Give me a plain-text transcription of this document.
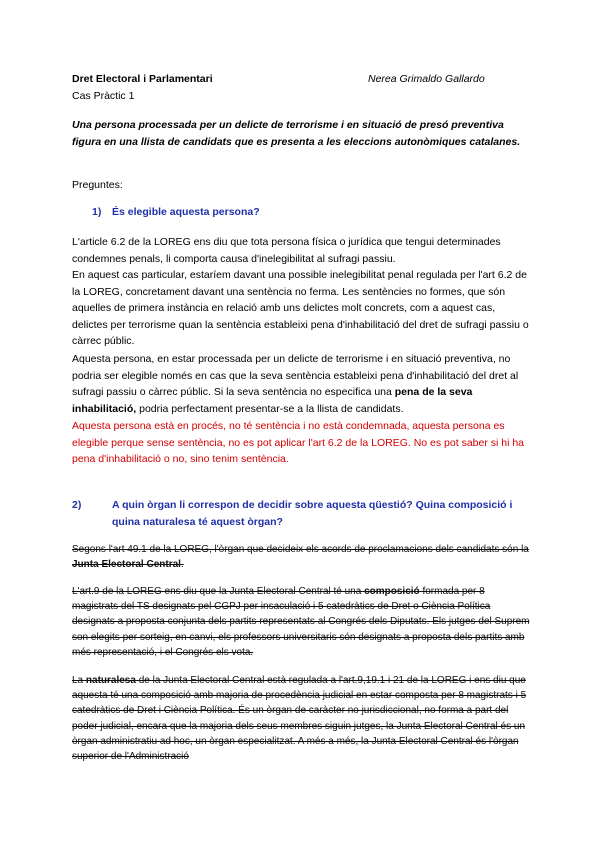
Dret Electoral i Parlamentari	Nerea Grimaldo Gallardo
Cas Pràctic 1

Una persona processada per un delicte de terrorisme i en situació de presó preventiva figura en una llista de candidats que es presenta a les eleccions autonòmiques catalanes.

Preguntes:

1) És elegible aquesta persona?

L'article 6.2 de la LOREG ens diu que tota persona física o jurídica que tengui determinades condemnes penals, li comporta causa d'inelegibilitat al sufragi passiu.

En aquest cas particular, estaríem davant una possible inelegibilitat penal regulada per l'art 6.2 de la LOREG, concretament davant una sentència no ferma. Les sentències no formes, que són aquelles de primera instància en relació amb uns delictes molt concrets, com a aquest cas, delictes per terrorisme quan la sentència estableixi pena d'inhabilitació del dret de sufragi passiu o càrrec públic.

Aquesta persona, en estar processada per un delicte de terrorisme i en situació preventiva, no podria ser elegible només en cas que la seva sentència estableixi pena d'inhabilitació del dret al sufragi passiu o càrrec públic. Si la seva sentència no especifica una pena de la seva inhabilitació, podria perfectament presentar-se a la llista de candidats.

Aquesta persona està en procés, no té sentència i no està condemnada, aquesta persona es elegible perque sense sentència, no es pot aplicar l'art 6.2 de la LOREG. No es pot saber si hi ha pena d'inhabilitació o no, sino tenim sentència.

2)	A quin òrgan li correspon de decidir sobre aquesta qüestió? Quina composició i quina naturalesa té aquest òrgan?

Segons l'art 49.1 de la LOREG, l'òrgan que decideix els acords de proclamacions dels candidats són la Junta Electoral Central.

L'art.9 de la LOREG ens diu que la Junta Electoral Central té una composició formada per 8 magistrats del TS designats pel CGPJ per insaculació i 5 catedràtics de Dret o Ciència Política designats a proposta conjunta dels partits representats al Congrés dels Diputats. Els jutges del Suprem son elegits per sorteig, en canvi, els professors universitaris són designats a proposta dels partits amb més representació, i el Congrés els vota.

La naturalesa de la Junta Electoral Central està regulada a l'art.9,19.1 i 21 de la LOREG i ens diu que aquesta té una composició amb majoria de procedència judicial en estar composta per 8 magistrats i 5 catedràtics de Dret i Ciència Política. És un òrgan de caràcter no jurisdiccional, no forma a part del poder judicial, encara que la majoria dels seus membres siguin jutges, la Junta Electoral Central és un òrgan administratiu ad hoc, un òrgan especialitzat. A més a més, la Junta Electoral Central és l'òrgan superior de l'Administració
